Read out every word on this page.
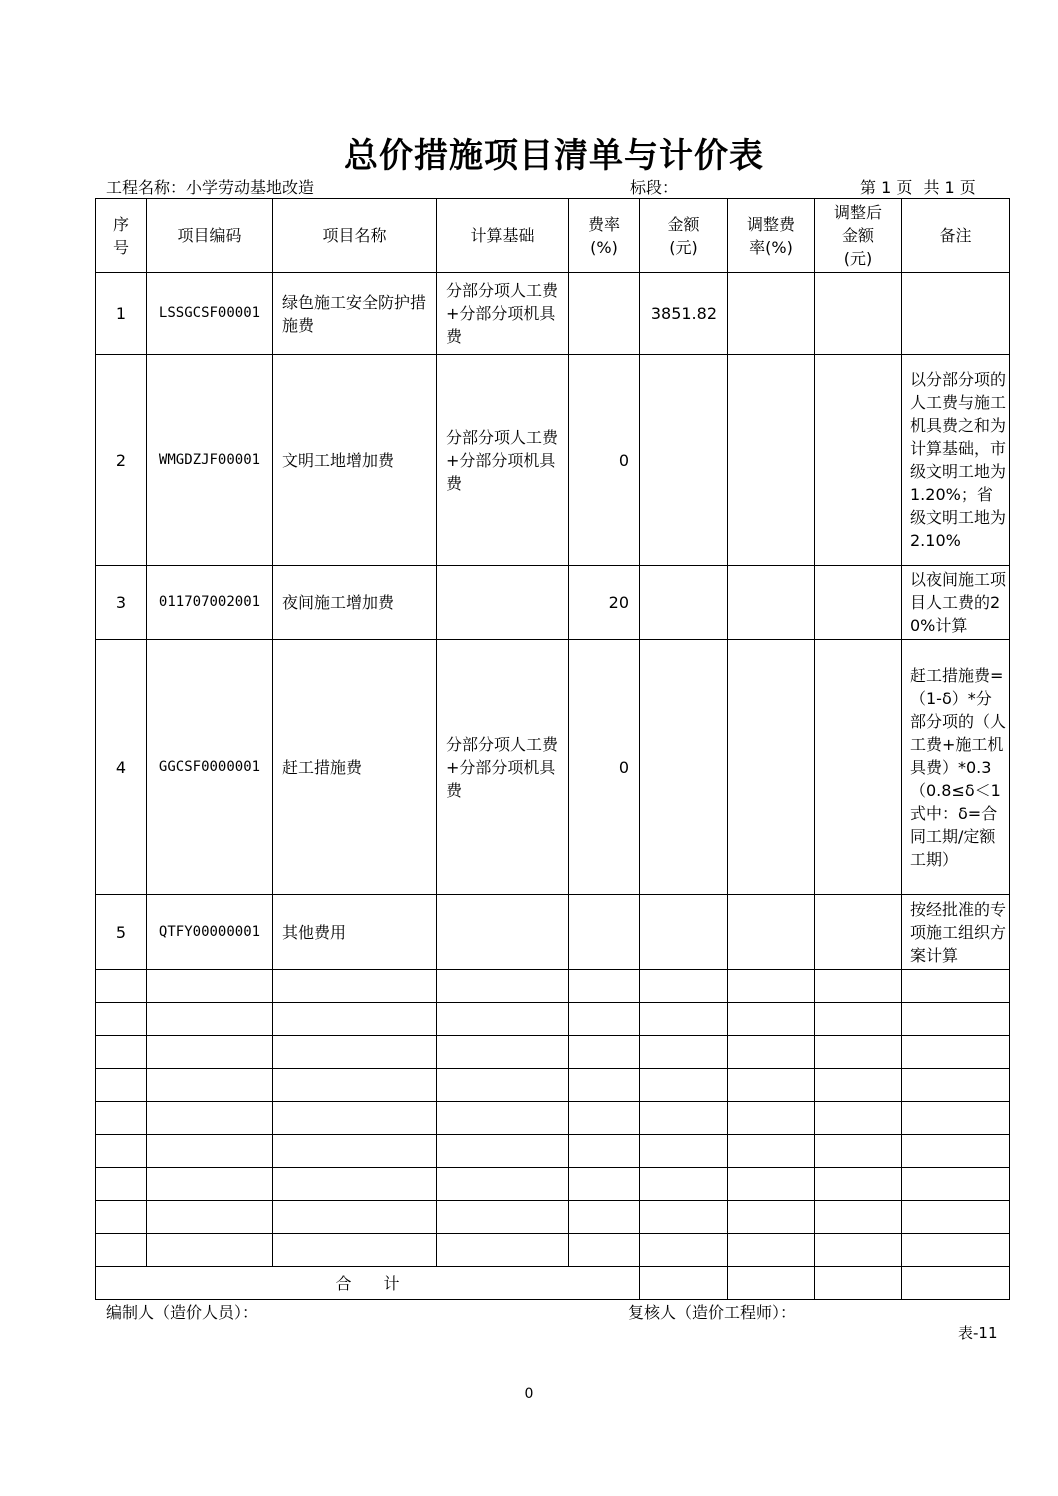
总价措施项目清单与计价表
工程名称：小学劳动基地改造	标段：	第 1 页 共 1 页
序号	项目编码	项目名称	计算基础	费率(%)	金额(元)	调整费率(%)	调整后金额(元)	备注
1	LSSGCSF00001	绿色施工安全防护措施费	分部分项人工费+分部分项机具费		3851.82			
2	WMGDZJF00001	文明工地增加费	分部分项人工费+分部分项机具费	0				以分部分项的人工费与施工机具费之和为计算基础，市级文明工地为1.20%；省级文明工地为2.10%
3	011707002001	夜间施工增加费		20				以夜间施工项目人工费的20%计算
4	GGCSF0000001	赶工措施费	分部分项人工费+分部分项机具费	0				赶工措施费=（1-δ）*分部分项的（人工费+施工机具费）*0.3（0.8≤δ＜1　式中：δ=合同工期/定额工期）
5	QTFY00000001	其他费用						按经批准的专项施工组织方案计算

合　　计								
编制人（造价人员）：	复核人（造价工程师）：
表-11
0
